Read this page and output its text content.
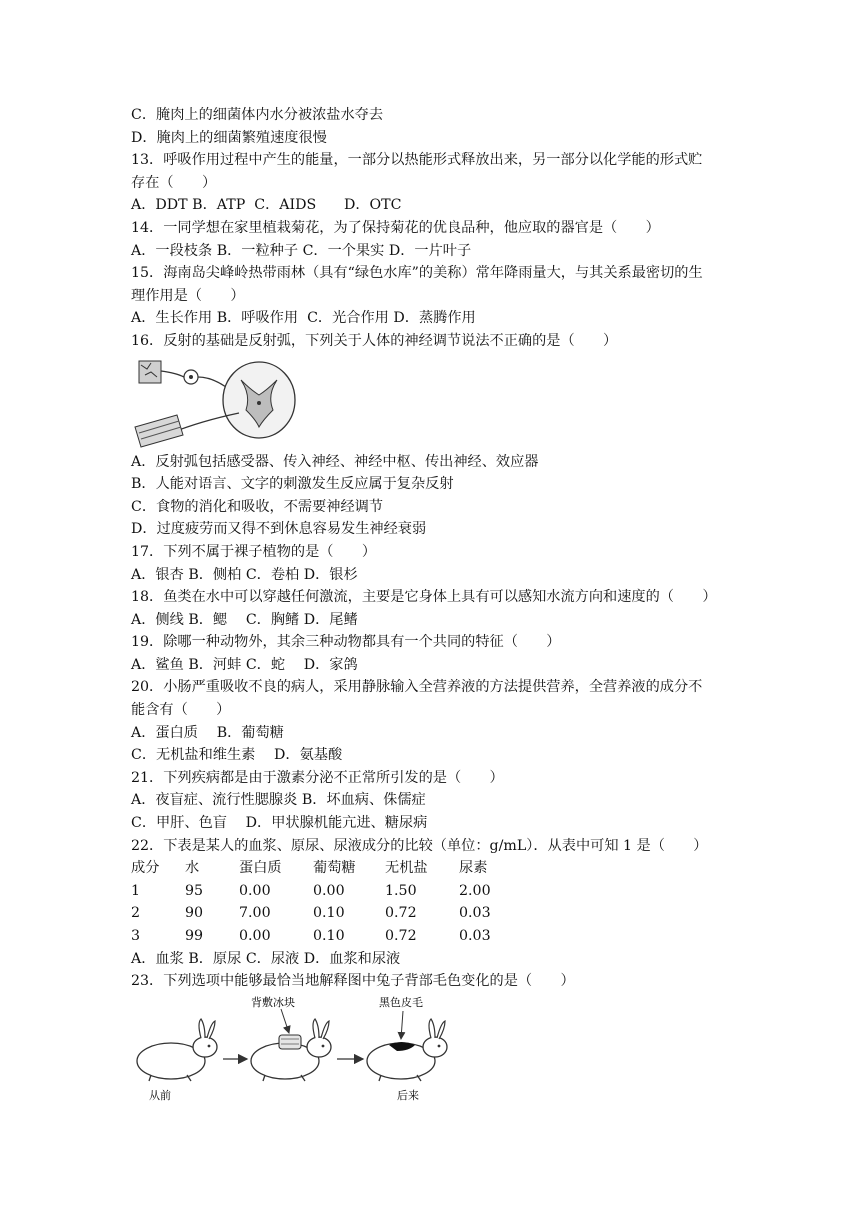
C．腌肉上的细菌体内水分被浓盐水夺去
D．腌肉上的细菌繁殖速度很慢
13．呼吸作用过程中产生的能量，一部分以热能形式释放出来，另一部分以化学能的形式贮
存在（　　）
A．DDT B．ATP  C．AIDS  　 D．OTC
14．一同学想在家里植栽菊花，为了保持菊花的优良品种，他应取的器官是（　　）
A．一段枝条 B．一粒种子 C．一个果实 D．一片叶子
15．海南岛尖峰岭热带雨林（具有“绿色水库”的美称）常年降雨量大，与其关系最密切的生
理作用是（　　）
A．生长作用 B．呼吸作用  C．光合作用 D．蒸腾作用
16．反射的基础是反射弧，下列关于人体的神经调节说法不正确的是（　　）
A．反射弧包括感受器、传入神经、神经中枢、传出神经、效应器
B．人能对语言、文字的刺激发生反应属于复杂反射
C．食物的消化和吸收，不需要神经调节
D．过度疲劳而又得不到休息容易发生神经衰弱
17．下列不属于裸子植物的是（　　）
A．银杏 B．侧柏 C．卷柏 D．银杉
18．鱼类在水中可以穿越任何激流，主要是它身体上具有可以感知水流方向和速度的（　　）
A．侧线 B．鳃　 C．胸鳍 D．尾鳍
19．除哪一种动物外，其余三种动物都具有一个共同的特征（　　）
A．鲨鱼 B．河蚌 C．蛇　 D．家鸽
20．小肠严重吸收不良的病人，采用静脉输入全营养液的方法提供营养，全营养液的成分不
能含有（　　）
A．蛋白质　 B．葡萄糖
C．无机盐和维生素　 D．氨基酸
21．下列疾病都是由于激素分泌不正常所引发的是（　　）
A．夜盲症、流行性腮腺炎 B．坏血病、侏儒症
C．甲肝、色盲　 D．甲状腺机能亢进、糖尿病
22．下表是某人的血浆、原尿、尿液成分的比较（单位：g/mL）．从表中可知 1 是（　　）
成分	水	蛋白质	葡萄糖	无机盐	尿素
1	95	0.00	0.00	1.50	2.00
2	90	7.00	0.10	0.72	0.03
3	99	0.00	0.10	0.72	0.03
A．血浆 B．原尿 C．尿液 D．血浆和尿液
23．下列选项中能够最恰当地解释图中兔子背部毛色变化的是（　　）
背敷冰块	黑色皮毛
从前	后来
